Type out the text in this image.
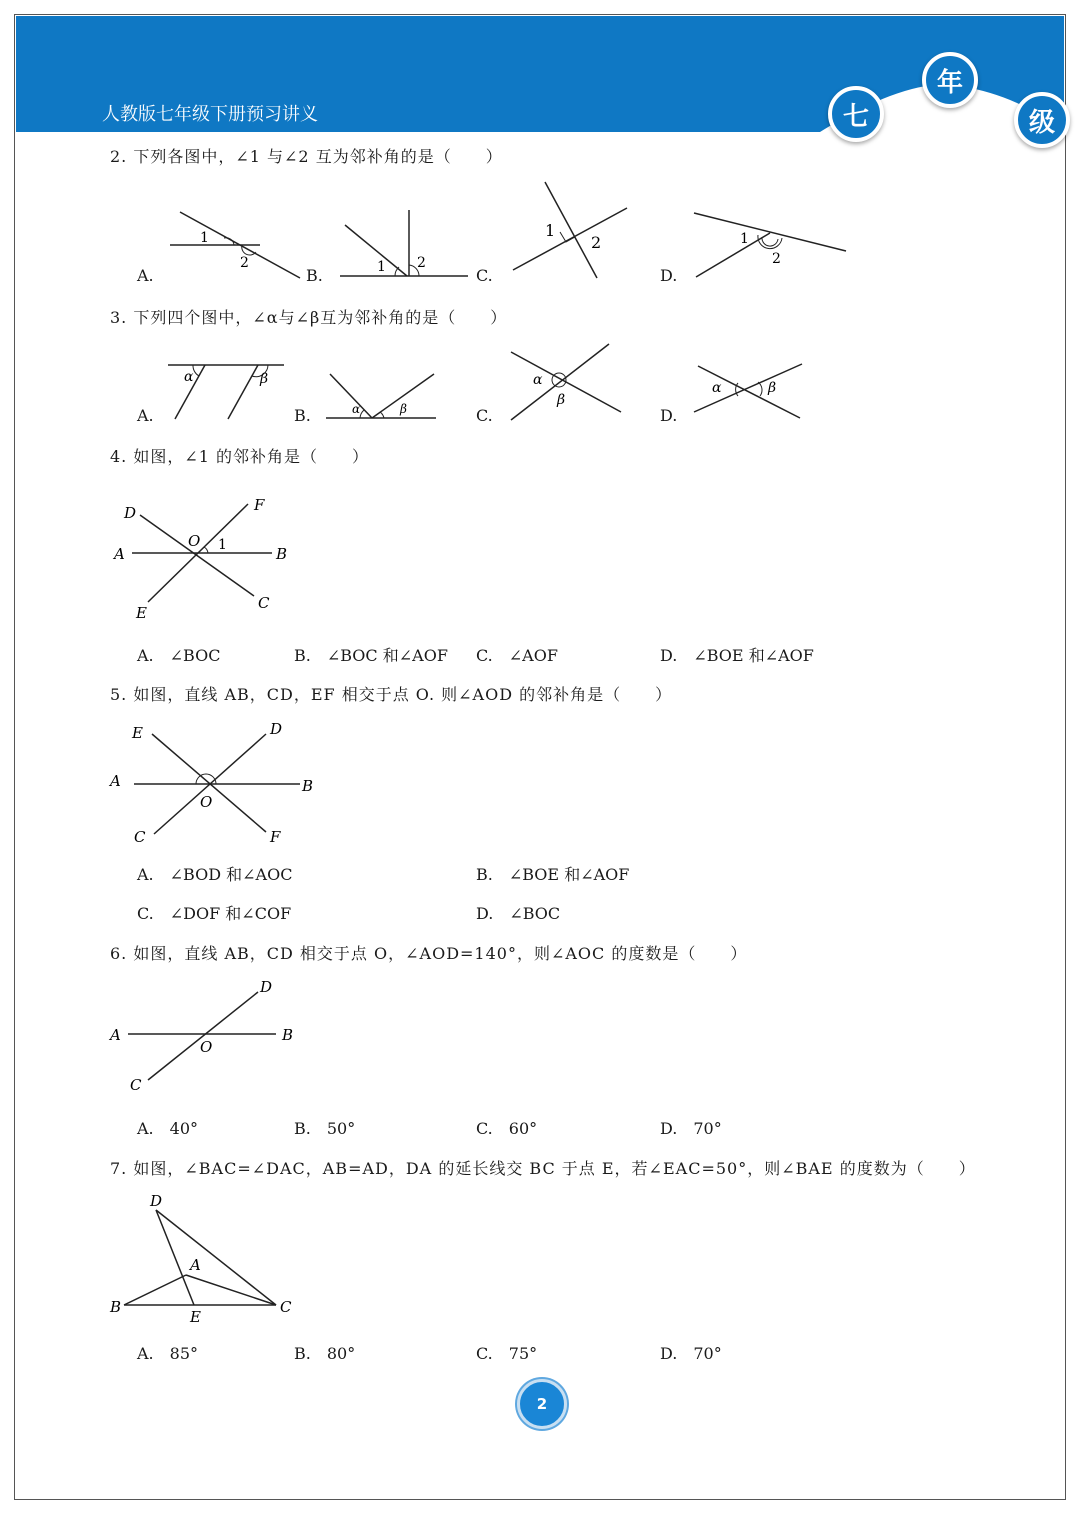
人教版七年级下册预习讲义	七
年
级
2. 下列各图中，∠1 与∠2 互为邻补角的是（　　）
A.	B.	C.	D.
1
2	1 2
1
2	1
2
3. 下列四个图中，∠α与∠β互为邻补角的是（　　）
A.	B.	C.	D.
α	β
α	β
α
β
α	β
4. 如图，∠1 的邻补角是（　　）
A	B
C
D
E
F
O 1
A.　∠BOC	B.　∠BOC 和∠AOF C.　∠AOF	D.　∠BOE 和∠AOF
5. 如图，直线 AB，CD，EF 相交于点 O. 则∠AOD 的邻补角是（　　）
A	B
C
D
E
F
O
A.　∠BOD 和∠AOC	B.　∠BOE 和∠AOF
C.　∠DOF 和∠COF	D.　∠BOC
6. 如图，直线 AB，CD 相交于点 O，∠AOD=140°，则∠AOC 的度数是（　　）
A	B
C
D
O
A.　40°	B.　50°	C.　60°	D.　70°
7. 如图，∠BAC=∠DAC，AB=AD，DA 的延长线交 BC 于点 E，若∠EAC=50°，则∠BAE 的度数为（　　）
D
A
B	C
E
A.　85°	B.　80°	C.　75°	D.　70°
2
